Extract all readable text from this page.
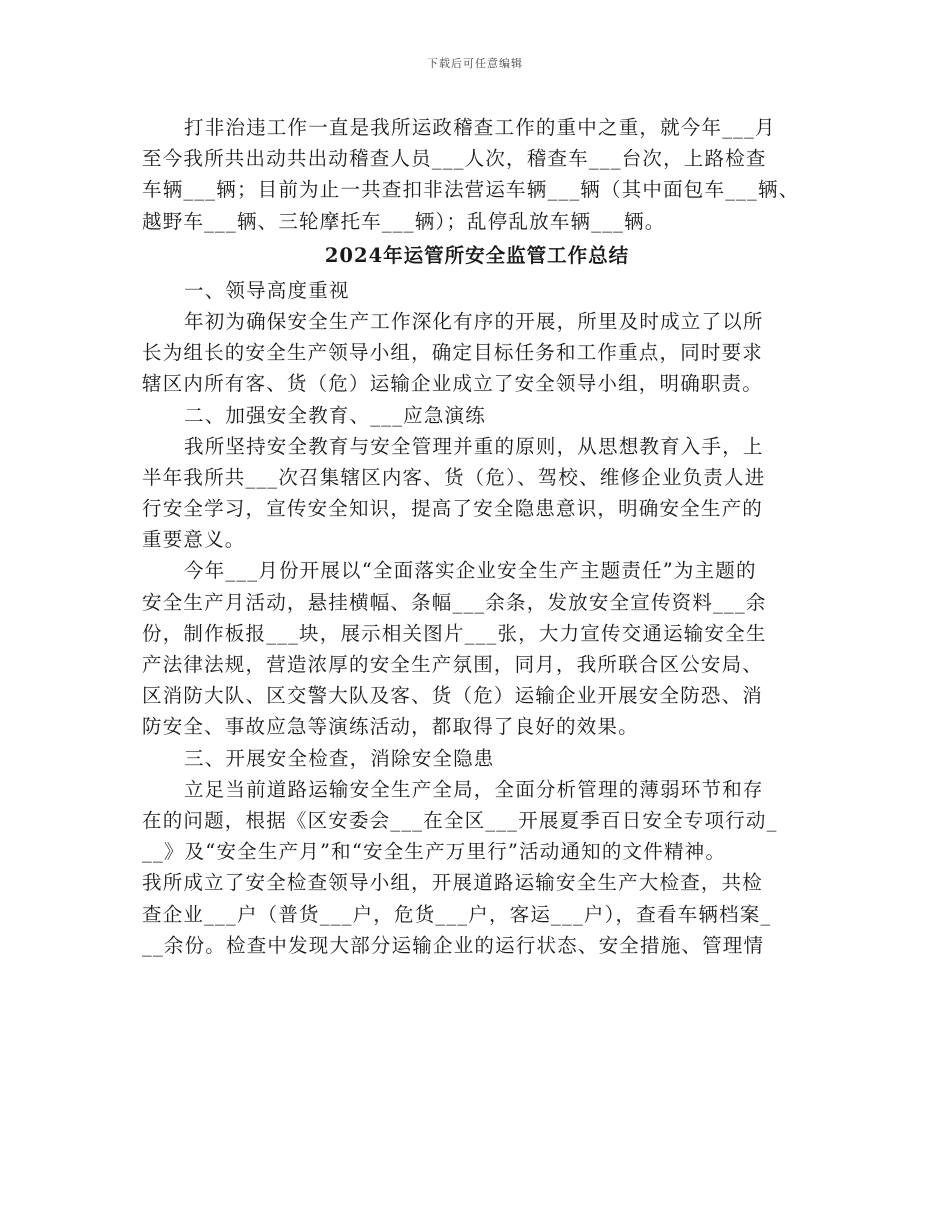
下载后可任意编辑
打非治违工作一直是我所运政稽查工作的重中之重，就今年___月
至今我所共出动共出动稽查人员___人次，稽查车___台次，上路检查
车辆___辆；目前为止一共查扣非法营运车辆___辆（其中面包车___辆、
越野车___辆、三轮摩托车___辆）；乱停乱放车辆___辆。
2024年运管所安全监管工作总结
一、领导高度重视
年初为确保安全生产工作深化有序的开展，所里及时成立了以所
长为组长的安全生产领导小组，确定目标任务和工作重点，同时要求
辖区内所有客、货（危）运输企业成立了安全领导小组，明确职责。
二、加强安全教育、___应急演练
我所坚持安全教育与安全管理并重的原则，从思想教育入手，上
半年我所共___次召集辖区内客、货（危）、驾校、维修企业负责人进
行安全学习，宣传安全知识，提高了安全隐患意识，明确安全生产的
重要意义。
今年___月份开展以“全面落实企业安全生产主题责任”为主题的
安全生产月活动，悬挂横幅、条幅___余条，发放安全宣传资料___余
份，制作板报___块，展示相关图片___张，大力宣传交通运输安全生
产法律法规，营造浓厚的安全生产氛围，同月，我所联合区公安局、
区消防大队、区交警大队及客、货（危）运输企业开展安全防恐、消
防安全、事故应急等演练活动，都取得了良好的效果。
三、开展安全检查，消除安全隐患
立足当前道路运输安全生产全局，全面分析管理的薄弱环节和存
在的问题，根据《区安委会___在全区___开展夏季百日安全专项行动_
__》及“安全生产月”和“安全生产万里行”活动通知的文件精神。
我所成立了安全检查领导小组，开展道路运输安全生产大检查，共检
查企业___户（普货___户，危货___户，客运___户），查看车辆档案_
__余份。检查中发现大部分运输企业的运行状态、安全措施、管理情
